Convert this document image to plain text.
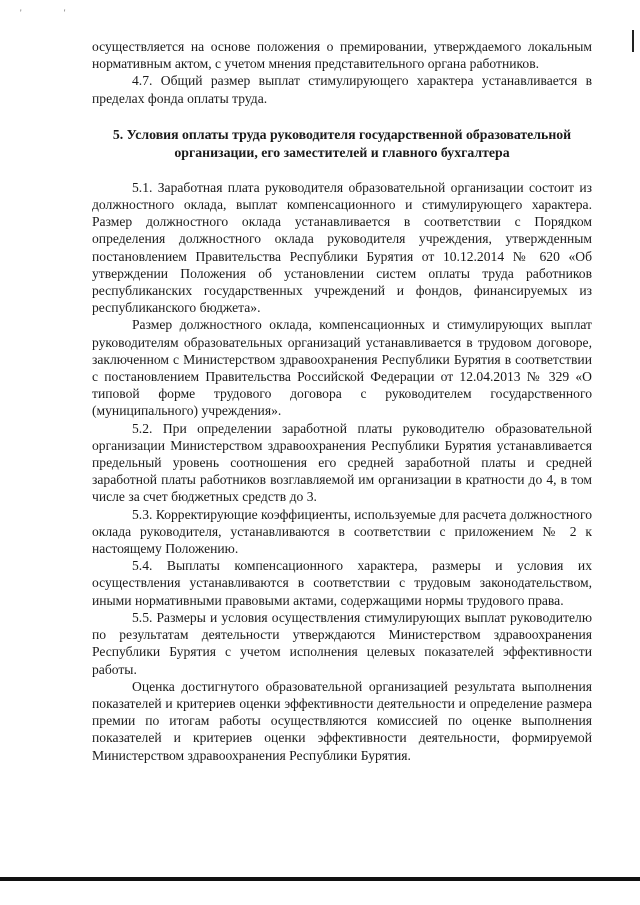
' '

осуществляется на основе положения о премировании, утверждаемого локальным нормативным актом, с учетом мнения представительного органа работников.

4.7. Общий размер выплат стимулирующего характера устанавливается в пределах фонда оплаты труда.

5. Условия оплаты труда руководителя государственной образовательной организации, его заместителей и главного бухгалтера

5.1. Заработная плата руководителя образовательной организации состоит из должностного оклада, выплат компенсационного и стимулирующего характера. Размер должностного оклада устанавливается в соответствии с Порядком определения должностного оклада руководителя учреждения, утвержденным постановлением Правительства Республики Бурятия от 10.12.2014 № 620 «Об утверждении Положения об установлении систем оплаты труда работников республиканских государственных учреждений и фондов, финансируемых из республиканского бюджета».

Размер должностного оклада, компенсационных и стимулирующих выплат руководителям образовательных организаций устанавливается в трудовом договоре, заключенном с Министерством здравоохранения Республики Бурятия в соответствии с постановлением Правительства Российской Федерации от 12.04.2013 № 329 «О типовой форме трудового договора с руководителем государственного (муниципального) учреждения».

5.2. При определении заработной платы руководителю образовательной организации Министерством здравоохранения Республики Бурятия устанавливается предельный уровень соотношения его средней заработной платы и средней заработной платы работников возглавляемой им организации в кратности до 4, в том числе за счет бюджетных средств до 3.

5.3. Корректирующие коэффициенты, используемые для расчета должностного оклада руководителя, устанавливаются в соответствии с приложением № 2 к настоящему Положению.

5.4. Выплаты компенсационного характера, размеры и условия их осуществления устанавливаются в соответствии с трудовым законодательством, иными нормативными правовыми актами, содержащими нормы трудового права.

5.5. Размеры и условия осуществления стимулирующих выплат руководителю по результатам деятельности утверждаются Министерством здравоохранения Республики Бурятия с учетом исполнения целевых показателей эффективности работы.

Оценка достигнутого образовательной организацией результата выполнения показателей и критериев оценки эффективности деятельности и определение размера премии по итогам работы осуществляются комиссией по оценке выполнения показателей и критериев оценки эффективности деятельности, формируемой Министерством здравоохранения Республики Бурятия.
